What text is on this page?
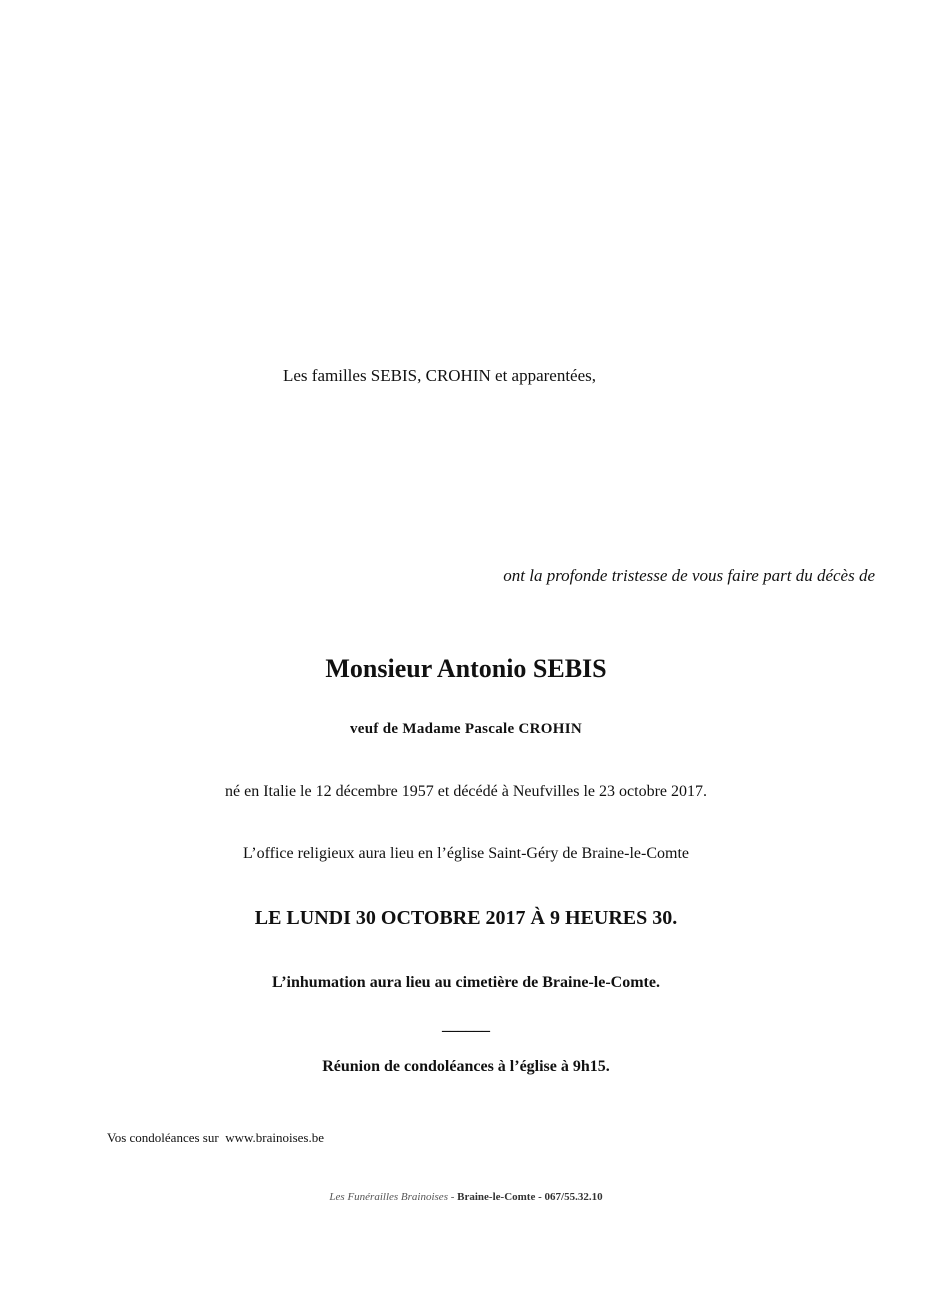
Les familles SEBIS, CROHIN et apparentées,
ont la profonde tristesse de vous faire part du décès de
Monsieur Antonio SEBIS
veuf de Madame Pascale CROHIN
né en Italie le 12 décembre 1957 et décédé à Neufvilles le 23 octobre 2017.
L’office religieux aura lieu en l’église Saint-Géry de Braine-le-Comte
LE LUNDI 30 OCTOBRE 2017 À 9 HEURES 30.
L’inhumation aura lieu au cimetière de Braine-le-Comte.
______
Réunion de condoléances à l’église à 9h15.
Vos condoléances sur www.brainoises.be
Les Funérailles Brainoises - Braine-le-Comte - 067/55.32.10
